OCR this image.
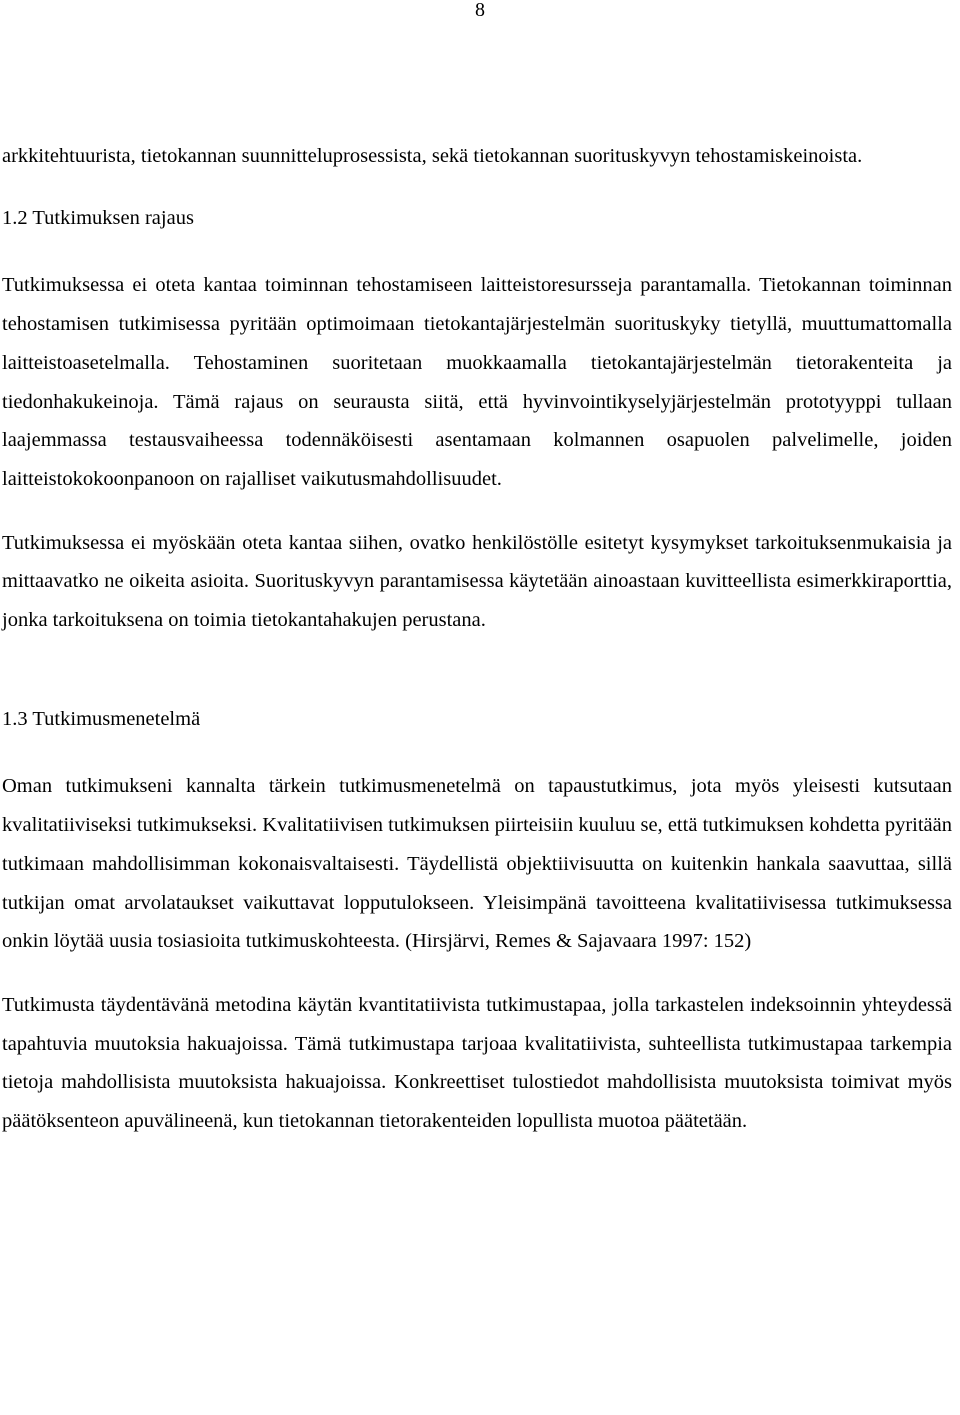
8

arkkitehtuurista, tietokannan suunnitteluprosessista, sekä tietokannan suorituskyvyn tehostamiskeinoista.

1.2 Tutkimuksen rajaus

Tutkimuksessa ei oteta kantaa toiminnan tehostamiseen laitteistoresursseja parantamalla. Tietokannan toiminnan tehostamisen tutkimisessa pyritään optimoimaan tietokantajärjestelmän suorituskyky tietyllä, muuttumattomalla laitteistoasetelmalla. Tehostaminen suoritetaan muokkaamalla tietokantajärjestelmän tietorakenteita ja tiedonhakukeinoja. Tämä rajaus on seurausta siitä, että hyvinvointikyselyjärjestelmän prototyyppi tullaan laajemmassa testausvaiheessa todennäköisesti asentamaan kolmannen osapuolen palvelimelle, joiden laitteistokokoonpanoon on rajalliset vaikutusmahdollisuudet.

Tutkimuksessa ei myöskään oteta kantaa siihen, ovatko henkilöstölle esitetyt kysymykset tarkoituksenmukaisia ja mittaavatko ne oikeita asioita. Suorituskyvyn parantamisessa käytetään ainoastaan kuvitteellista esimerkkiraporttia, jonka tarkoituksena on toimia tietokantahakujen perustana.

1.3 Tutkimusmenetelmä

Oman tutkimukseni kannalta tärkein tutkimusmenetelmä on tapaustutkimus, jota myös yleisesti kutsutaan kvalitatiiviseksi tutkimukseksi. Kvalitatiivisen tutkimuksen piirteisiin kuuluu se, että tutkimuksen kohdetta pyritään tutkimaan mahdollisimman kokonaisvaltaisesti. Täydellistä objektiivisuutta on kuitenkin hankala saavuttaa, sillä tutkijan omat arvolataukset vaikuttavat lopputulokseen. Yleisimpänä tavoitteena kvalitatiivisessa tutkimuksessa onkin löytää uusia tosiasioita tutkimuskohteesta. (Hirsjärvi, Remes & Sajavaara 1997: 152)

Tutkimusta täydentävänä metodina käytän kvantitatiivista tutkimustapaa, jolla tarkastelen indeksoinnin yhteydessä tapahtuvia muutoksia hakuajoissa. Tämä tutkimustapa tarjoaa kvalitatiivista, suhteellista tutkimustapaa tarkempia tietoja mahdollisista muutoksista hakuajoissa. Konkreettiset tulostiedot mahdollisista muutoksista toimivat myös päätöksenteon apuvälineenä, kun tietokannan tietorakenteiden lopullista muotoa päätetään.
